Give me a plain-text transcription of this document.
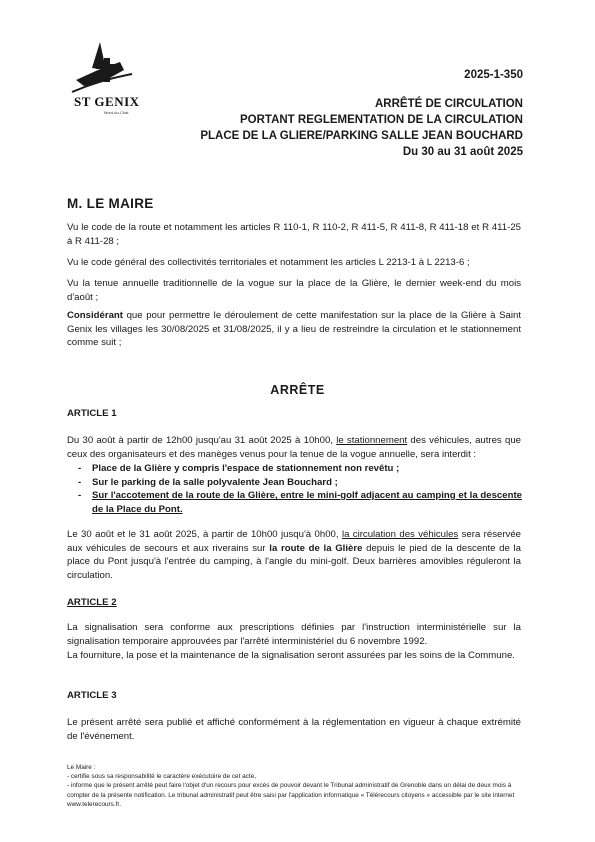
ST GENIX
Mont-du-Chat
2025-1-350
ARRÊTÉ DE CIRCULATION
PORTANT REGLEMENTATION DE LA CIRCULATION
PLACE DE LA GLIERE/PARKING SALLE JEAN BOUCHARD
Du 30 au 31 août 2025
M. LE MAIRE
Vu le code de la route et notamment les articles R 110-1, R 110-2, R 411-5, R 411-8, R 411-18 et R 411-25 à R 411-28 ;
Vu le code général des collectivités territoriales et notamment les articles L 2213-1 à L 2213-6 ;
Vu la tenue annuelle traditionnelle de la vogue sur la place de la Glière, le dernier week-end du mois d'août ;
Considérant que pour permettre le déroulement de cette manifestation sur la place de la Glière à Saint Genix les villages les 30/08/2025 et 31/08/2025, il y a lieu de restreindre la circulation et le stationnement comme suit ;
ARRÊTE
ARTICLE 1
Du 30 août à partir de 12h00 jusqu'au 31 août 2025 à 10h00, le stationnement des véhicules, autres que ceux des organisateurs et des manèges venus pour la tenue de la vogue annuelle, sera interdit :
- Place de la Glière y compris l'espace de stationnement non revêtu ;
- Sur le parking de la salle polyvalente Jean Bouchard ;
- Sur l'accotement de la route de la Glière, entre le mini-golf adjacent au camping et la descente de la Place du Pont.
Le 30 août et le 31 août 2025, à partir de 10h00 jusqu'à 0h00, la circulation des véhicules sera réservée aux véhicules de secours et aux riverains sur la route de la Glière depuis le pied de la descente de la place du Pont jusqu'à l'entrée du camping, à l'angle du mini-golf. Deux barrières amovibles réguleront la circulation.
ARTICLE 2
La signalisation sera conforme aux prescriptions définies par l'instruction interministérielle sur la signalisation temporaire approuvées par l'arrêté interministériel du 6 novembre 1992.
La fourniture, la pose et la maintenance de la signalisation seront assurées par les soins de la Commune.
ARTICLE 3
Le présent arrêté sera publié et affiché conformément à la réglementation en vigueur à chaque extrémité de l'événement.
Le Maire :
- certifie sous sa responsabilité le caractère exécutoire de cet acte,
- informe que le présent arrêté peut faire l'objet d'un recours pour excès de pouvoir devant le Tribunal administratif de Grenoble dans un délai de deux mois à compter de la présente notification. Le tribunal administratif peut être saisi par l'application informatique « Télérecours citoyens » accessible par le site internet www.telerecours.fr.
